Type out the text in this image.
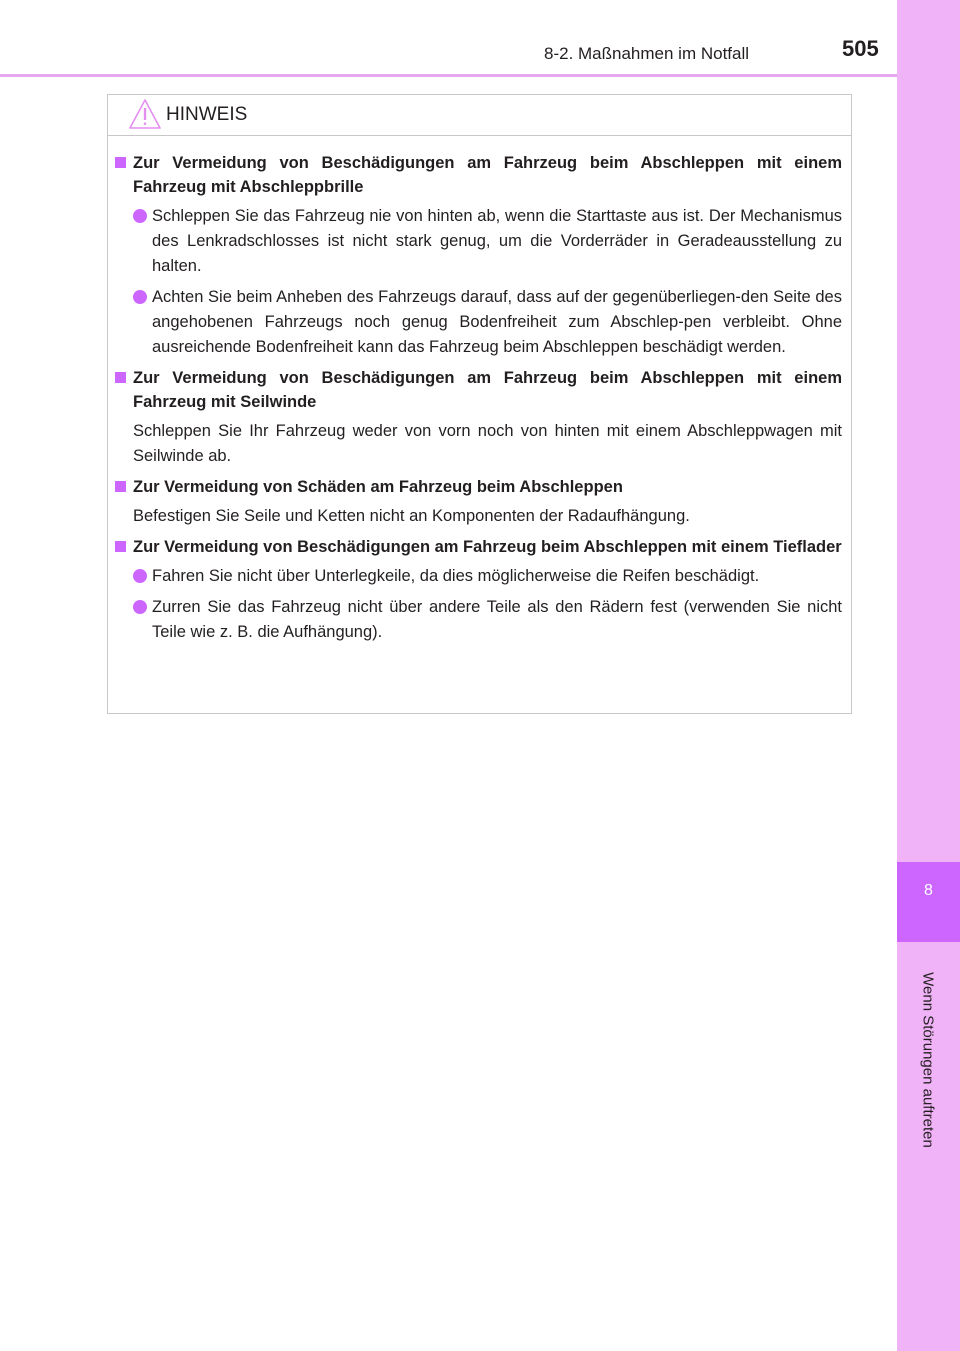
8-2. Maßnahmen im Notfall	505
8
Wenn Störungen auftreten
HINWEIS
Zur Vermeidung von Beschädigungen am Fahrzeug beim Abschleppen mit einem Fahrzeug mit Abschleppbrille
Schleppen Sie das Fahrzeug nie von hinten ab, wenn die Starttaste aus ist. Der Mechanismus des Lenkradschlosses ist nicht stark genug, um die Vorderräder in Geradeausstellung zu halten.
Achten Sie beim Anheben des Fahrzeugs darauf, dass auf der gegenüberliegen-den Seite des angehobenen Fahrzeugs noch genug Bodenfreiheit zum Abschlep-pen verbleibt. Ohne ausreichende Bodenfreiheit kann das Fahrzeug beim Abschleppen beschädigt werden.
Zur Vermeidung von Beschädigungen am Fahrzeug beim Abschleppen mit einem Fahrzeug mit Seilwinde
Schleppen Sie Ihr Fahrzeug weder von vorn noch von hinten mit einem Abschleppwagen mit Seilwinde ab.
Zur Vermeidung von Schäden am Fahrzeug beim Abschleppen
Befestigen Sie Seile und Ketten nicht an Komponenten der Radaufhängung.
Zur Vermeidung von Beschädigungen am Fahrzeug beim Abschleppen mit einem Tieflader
Fahren Sie nicht über Unterlegkeile, da dies möglicherweise die Reifen beschädigt.
Zurren Sie das Fahrzeug nicht über andere Teile als den Rädern fest (verwenden Sie nicht Teile wie z. B. die Aufhängung).
